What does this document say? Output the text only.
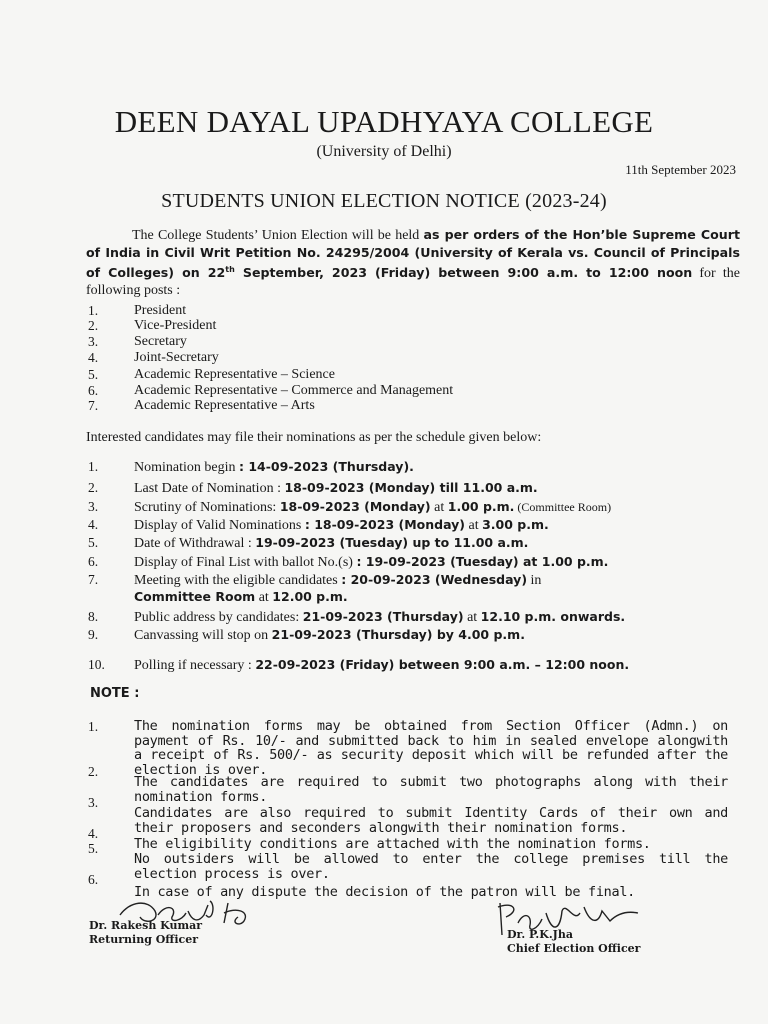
DEEN DAYAL UPADHYAYA COLLEGE
(University of Delhi)
11th September 2023
STUDENTS UNION ELECTION NOTICE (2023-24)
The College Students’ Union Election will be held as per orders of the Hon’ble Supreme Court of India in Civil Writ Petition No. 24295/2004 (University of Kerala vs. Council of Principals of Colleges) on 22th September, 2023 (Friday) between 9:00 a.m. to 12:00 noon for the following posts :
1.	President
2.	Vice-President
3.	Secretary
4.	Joint-Secretary
5.	Academic Representative – Science
6.	Academic Representative – Commerce and Management
7.	Academic Representative – Arts
Interested candidates may file their nominations as per the schedule given below:
1.	Nomination begin : 14-09-2023 (Thursday).
2.	Last Date of Nomination : 18-09-2023 (Monday) till 11.00 a.m.
3.	Scrutiny of Nominations: 18-09-2023 (Monday) at 1.00 p.m. (Committee Room)
4.	Display of Valid Nominations : 18-09-2023 (Monday) at 3.00 p.m.
5.	Date of Withdrawal : 19-09-2023 (Tuesday) up to 11.00 a.m.
6.	Display of Final List with ballot No.(s) : 19-09-2023 (Tuesday) at 1.00 p.m.
7.	Meeting with the eligible candidates : 20-09-2023 (Wednesday) in
Committee Room at 12.00 p.m.
8.	Public address by candidates: 21-09-2023 (Thursday) at 12.10 p.m. onwards.
9.	Canvassing will stop on 21-09-2023 (Thursday) by 4.00 p.m.
10. Polling if necessary : 22-09-2023 (Friday) between 9:00 a.m. – 12:00 noon.
NOTE :
1.	The nomination forms may be obtained from Section Officer (Admn.) on payment of Rs. 10/- and submitted back to him in sealed envelope alongwith a receipt of Rs. 500/- as security deposit which will be refunded after the election is over.
2.
The candidates are required to submit two photographs along with their nomination forms.
3.
Candidates are also required to submit Identity Cards of their own and their proposers and seconders alongwith their nomination forms.
4.
The eligibility conditions are attached with the nomination forms.
5.
No outsiders will be allowed to enter the college premises till the election process is over.
6.
In case of any dispute the decision of the patron will be final.
Dr. Rakesh Kumar
Returning Officer	Dr. P.K.Jha
Chief Election Officer
